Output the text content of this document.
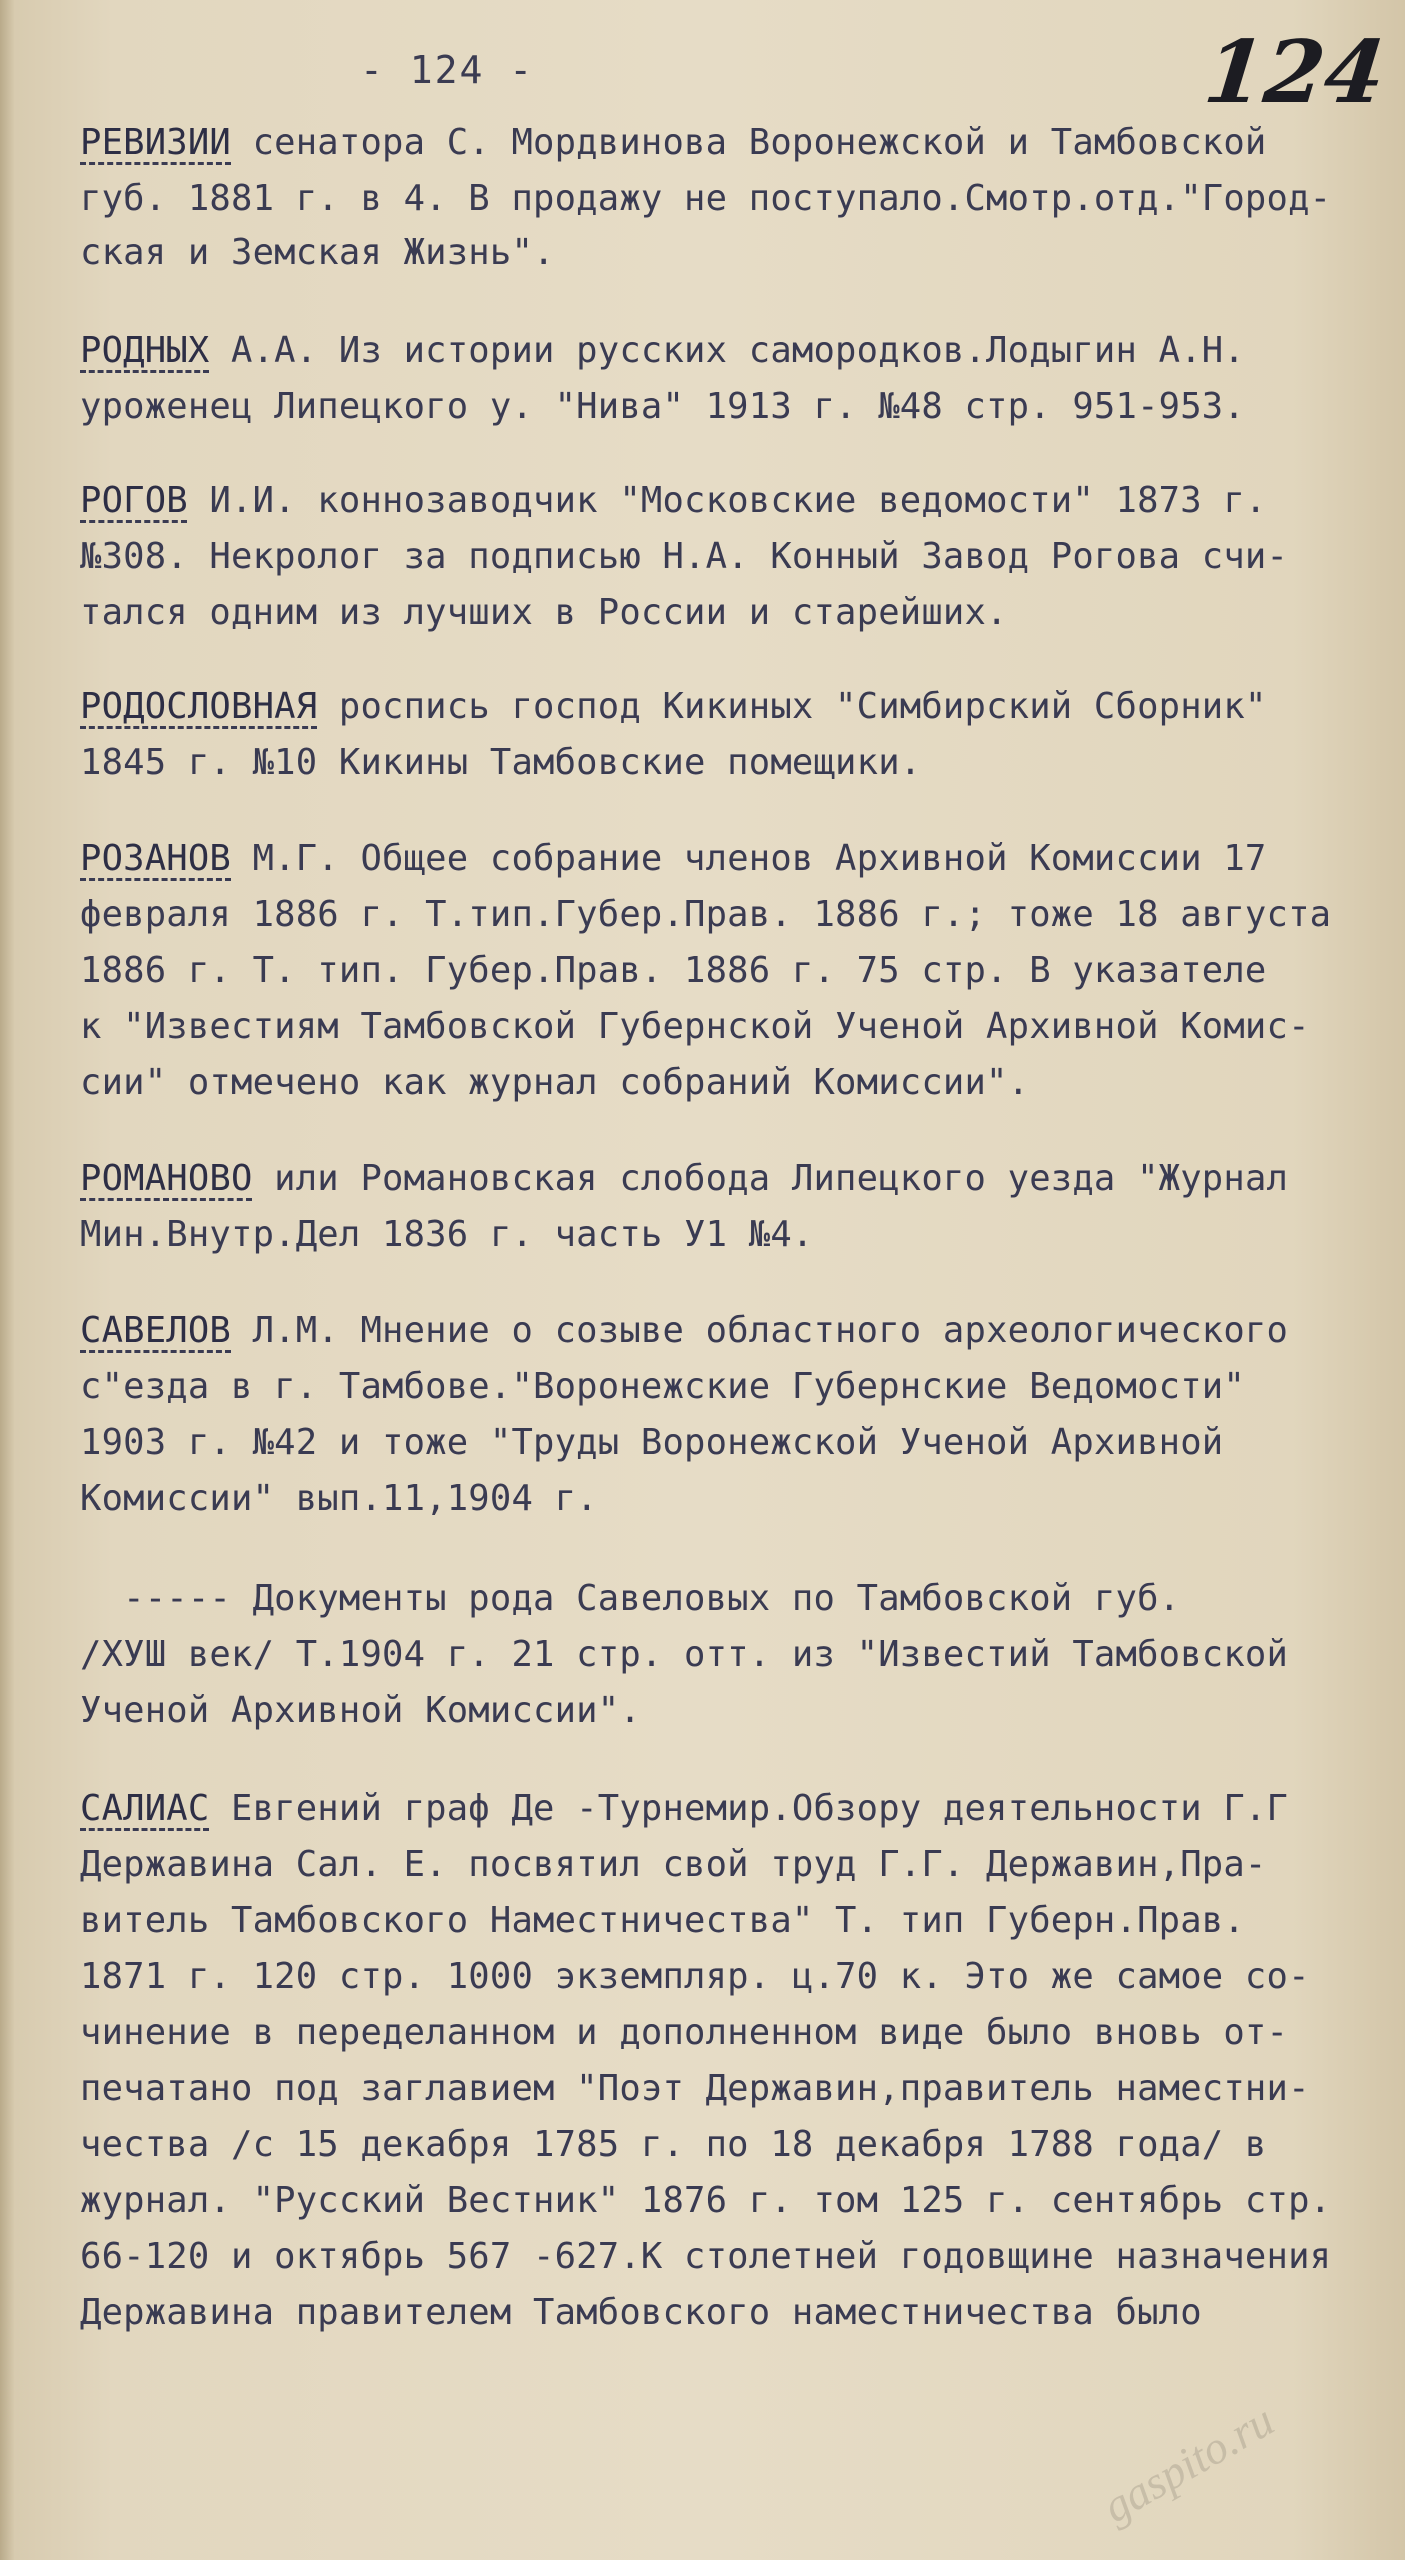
- 124 -	124
РЕВИЗИИ сенатора С. Мордвинова Воронежской и Тамбовской
губ. 1881 г. в 4. В продажу не поступало.Смотр.отд."Город-
ская и Земская Жизнь".
РОДНЫХ А.А. Из истории русских самородков.Лодыгин А.Н.
уроженец Липецкого у. "Нива" 1913 г. №48 стр. 951-953.
РОГОВ И.И. коннозаводчик "Московские ведомости" 1873 г.
№308. Некролог за подписью Н.А. Конный Завод Рогова счи-
тался одним из лучших в России и старейших.
РОДОСЛОВНАЯ роспись господ Кикиных "Симбирский Сборник"
1845 г. №10 Кикины Тамбовские помещики.
РОЗАНОВ М.Г. Общее собрание членов Архивной Комиссии 17
февраля 1886 г. Т.тип.Губер.Прав. 1886 г.; тоже 18 августа
1886 г. Т. тип. Губер.Прав. 1886 г. 75 стр. В указателе
к "Известиям Тамбовской Губернской Ученой Архивной Комис-
сии" отмечено как журнал собраний Комиссии".
РОМАНОВО или Романовская слобода Липецкого уезда "Журнал
Мин.Внутр.Дел 1836 г. часть У1 №4.
САВЕЛОВ Л.М. Мнение о созыве областного археологического
с"езда в г. Тамбове."Воронежские Губернские Ведомости"
1903 г. №42 и тоже "Труды Воронежской Ученой Архивной
Комиссии" вып.11,1904 г.
----- Документы рода Савеловых по Тамбовской губ.
/ХУШ век/ Т.1904 г. 21 стр. отт. из "Известий Тамбовской
Ученой Архивной Комиссии".
САЛИАС Евгений граф Де -Турнемир.Обзору деятельности Г.Г
Державина Сал. Е. посвятил свой труд Г.Г. Державин,Пра-
витель Тамбовского Наместничества" Т. тип Губерн.Прав.
1871 г. 120 стр. 1000 экземпляр. ц.70 к. Это же самое со-
чинение в переделанном и дополненном виде было вновь от-
печатано под заглавием "Поэт Державин,правитель наместни-
чества /с 15 декабря 1785 г. по 18 декабря 1788 года/ в
журнал. "Русский Вестник" 1876 г. том 125 г. сентябрь стр.
66-120 и октябрь 567 -627.К столетней годовщине назначения
Державина правителем Тамбовского наместничества было
gaspito.ru
